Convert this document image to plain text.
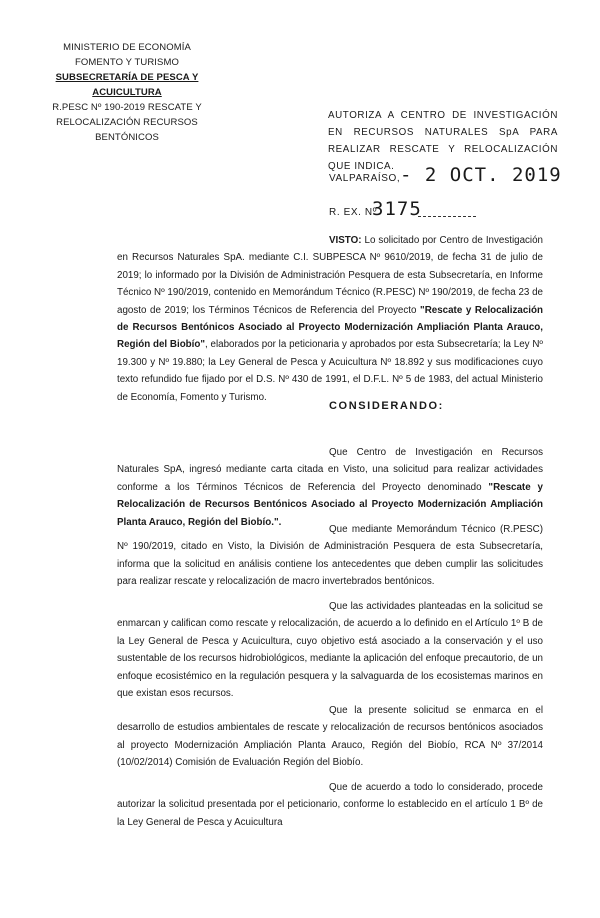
MINISTERIO DE ECONOMÍA
FOMENTO Y TURISMO
SUBSECRETARÍA DE PESCA Y ACUICULTURA
R.PESC Nº 190-2019 RESCATE Y
RELOCALIZACIÓN RECURSOS BENTÓNICOS
AUTORIZA A CENTRO DE INVESTIGACIÓN EN RECURSOS NATURALES SpA PARA REALIZAR RESCATE Y RELOCALIZACIÓN QUE INDICA.
VALPARAÍSO, - 2 OCT. 2019
R. EX. Nº
3175
VISTO: Lo solicitado por Centro de Investigación en Recursos Naturales SpA. mediante C.I. SUBPESCA Nº 9610/2019, de fecha 31 de julio de 2019; lo informado por la División de Administración Pesquera de esta Subsecretaría, en Informe Técnico Nº 190/2019, contenido en Memorándum Técnico (R.PESC) Nº 190/2019, de fecha 23 de agosto de 2019; los Términos Técnicos de Referencia del Proyecto "Rescate y Relocalización de Recursos Bentónicos Asociado al Proyecto Modernización Ampliación Planta Arauco, Región del Biobío", elaborados por la peticionaria y aprobados por esta Subsecretaría; la Ley Nº 19.300 y Nº 19.880; la Ley General de Pesca y Acuicultura Nº 18.892 y sus modificaciones cuyo texto refundido fue fijado por el D.S. Nº 430 de 1991, el D.F.L. Nº 5 de 1983, del actual Ministerio de Economía, Fomento y Turismo.
CONSIDERANDO:
Que Centro de Investigación en Recursos Naturales SpA, ingresó mediante carta citada en Visto, una solicitud para realizar actividades conforme a los Términos Técnicos de Referencia del Proyecto denominado "Rescate y Relocalización de Recursos Bentónicos Asociado al Proyecto Modernización Ampliación Planta Arauco, Región del Biobío.".
Que mediante Memorándum Técnico (R.PESC) Nº 190/2019, citado en Visto, la División de Administración Pesquera de esta Subsecretaría, informa que la solicitud en análisis contiene los antecedentes que deben cumplir las solicitudes para realizar rescate y relocalización de macro invertebrados bentónicos.
Que las actividades planteadas en la solicitud se enmarcan y califican como rescate y relocalización, de acuerdo a lo definido en el Artículo 1º B de la Ley General de Pesca y Acuicultura, cuyo objetivo está asociado a la conservación y el uso sustentable de los recursos hidrobiológicos, mediante la aplicación del enfoque precautorio, de un enfoque ecosistémico en la regulación pesquera y la salvaguarda de los ecosistemas marinos en que existan esos recursos.
Que la presente solicitud se enmarca en el desarrollo de estudios ambientales de rescate y relocalización de recursos bentónicos asociados al proyecto Modernización Ampliación Planta Arauco, Región del Biobío, RCA Nº 37/2014 (10/02/2014) Comisión de Evaluación Región del Biobío.
Que de acuerdo a todo lo considerado, procede autorizar la solicitud presentada por el peticionario, conforme lo establecido en el artículo 1 Bº de la Ley General de Pesca y Acuicultura
